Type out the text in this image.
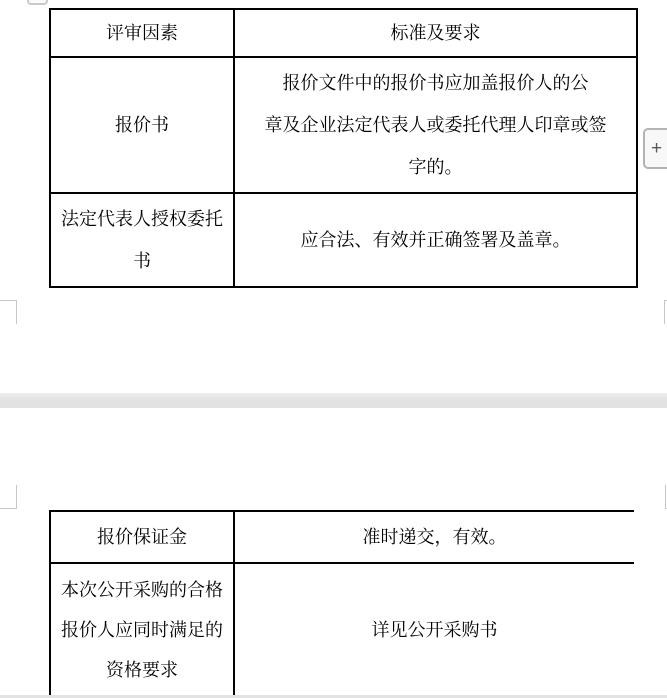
评审因素	标准及要求

报价书	报价文件中的报价书应加盖报价人的公
章及企业法定代表人或委托代理人印章或签
字的。

法定代表人授权委托
书	应合法、有效并正确签署及盖章。
+
报价保证金	准时递交，有效。

本次公开采购的合格
报价人应同时满足的
资格要求	详见公开采购书
